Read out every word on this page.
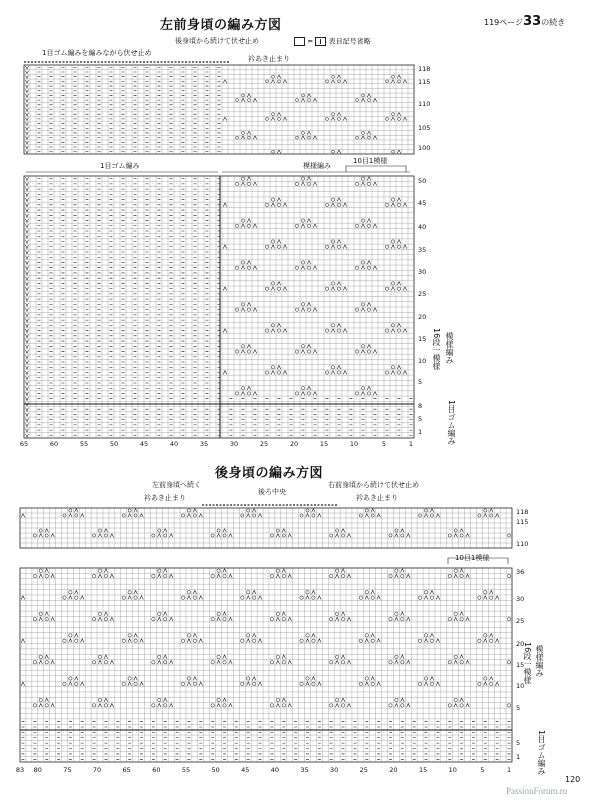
119ページ33の続き
左前身頃の編み方図
後身頃から続けて伏せ止め	= 表目記号省略
1目ゴム編みを編みながら伏せ止め
衿あき止まり
1目ゴム編み	模様編み
10目1模様
模様編み
16段一模様
1目ゴム編み
後身頃の編み方図
左前身頃へ続く	右前身頃から続けて伏せ止め
後ろ中央
衿あき止まり	衿あき止まり
10目1模様
模様編み
16段一模様
1目ゴム編み
120
PassionForum.ru
118
115
110
105
100
50
45
40
35
30
25
20
15
10
5
8
5
1
65	60	55	50	45	40	35	30	25	20	15	10	5	1
118
115
110
36
30
25
20
15
10
5
5
1
83 80	75	70	65	60	55	50	45	40	35	30	25	20	15	10	5	1
